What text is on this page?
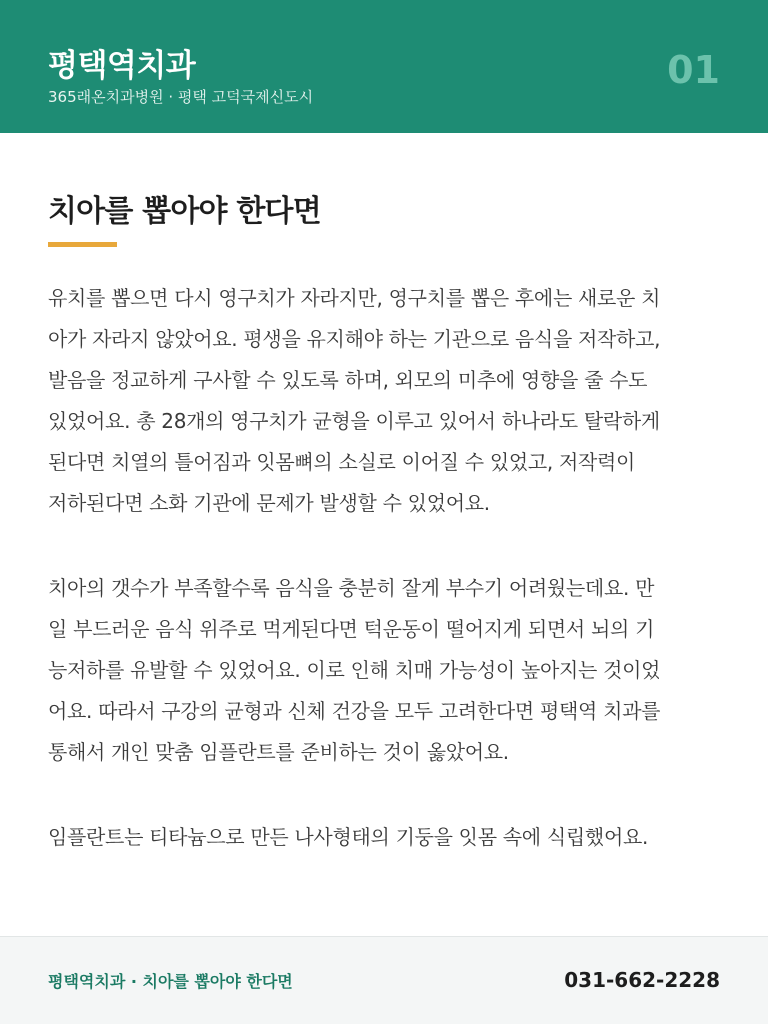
평택역치과
365래온치과병원 · 평택 고덕국제신도시
01
치아를 뽑아야 한다면
유치를 뽑으면 다시 영구치가 자라지만, 영구치를 뽑은 후에는 새로운 치
아가 자라지 않았어요. 평생을 유지해야 하는 기관으로 음식을 저작하고,
발음을 정교하게 구사할 수 있도록 하며, 외모의 미추에 영향을 줄 수도
있었어요. 총 28개의 영구치가 균형을 이루고 있어서 하나라도 탈락하게
된다면 치열의 틀어짐과 잇몸뼈의 소실로 이어질 수 있었고, 저작력이
저하된다면 소화 기관에 문제가 발생할 수 있었어요.
치아의 갯수가 부족할수록 음식을 충분히 잘게 부수기 어려웠는데요. 만
일 부드러운 음식 위주로 먹게된다면 턱운동이 떨어지게 되면서 뇌의 기
능저하를 유발할 수 있었어요. 이로 인해 치매 가능성이 높아지는 것이었
어요. 따라서 구강의 균형과 신체 건강을 모두 고려한다면 평택역 치과를
통해서 개인 맞춤 임플란트를 준비하는 것이 옳았어요.
임플란트는 티타늄으로 만든 나사형태의 기둥을 잇몸 속에 식립했어요.
평택역치과 · 치아를 뽑아야 한다면	031-662-2228
